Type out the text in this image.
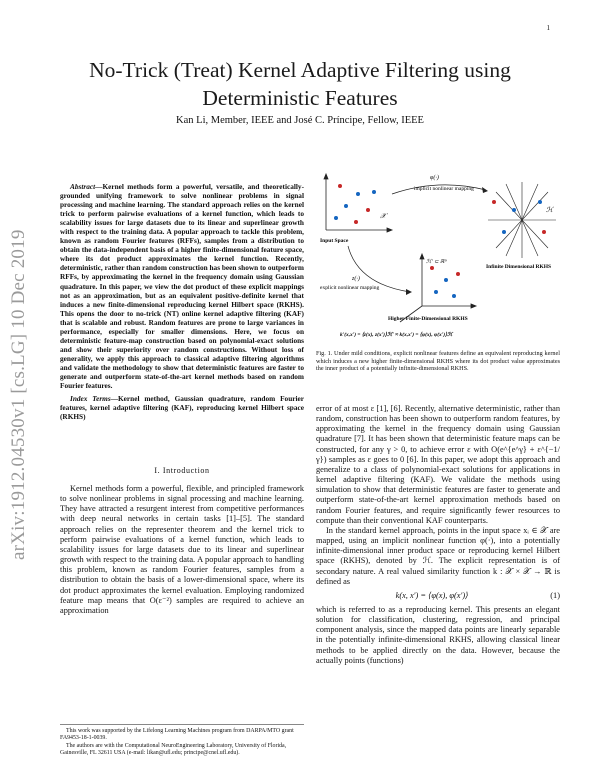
1
arXiv:1912.04530v1 [cs.LG] 10 Dec 2019
No-Trick (Treat) Kernel Adaptive Filtering using
Deterministic Features
Kan Li, Member, IEEE and José C. Príncipe, Fellow, IEEE

Abstract—Kernel methods form a powerful, versatile, and theoretically-grounded unifying framework to solve nonlinear problems in signal processing and machine learning. The standard approach relies on the kernel trick to perform pairwise evaluations of a kernel function, which leads to scalability issues for large datasets due to its linear and superlinear growth with respect to the training data. A popular approach to tackle this problem, known as random Fourier features (RFFs), samples from a distribution to obtain the data-independent basis of a higher finite-dimensional feature space, where its dot product approximates the kernel function. Recently, deterministic, rather than random construction has been shown to outperform RFFs, by approximating the kernel in the frequency domain using Gaussian quadrature. In this paper, we view the dot product of these explicit mappings not as an approximation, but as an equivalent positive-definite kernel that induces a new finite-dimensional reproducing kernel Hilbert space (RKHS). This opens the door to no-trick (NT) online kernel adaptive filtering (KAF) that is scalable and robust. Random features are prone to large variances in performance, especially for smaller dimensions. Here, we focus on deterministic feature-map construction based on polynomial-exact solutions and show their superiority over random constructions. Without loss of generality, we apply this approach to classical adaptive filtering algorithms and validate the methodology to show that deterministic features are faster to generate and outperform state-of-the-art kernel methods based on random Fourier features.

Index Terms—Kernel method, Gaussian quadrature, random Fourier features, kernel adaptive filtering (KAF), reproducing kernel Hilbert space (RKHS)

I. Introduction

Kernel methods form a powerful, flexible, and principled framework to solve nonlinear problems in signal processing and machine learning. They have attracted a resurgent interest from competitive performances with deep neural networks in certain tasks [1]–[5]. The standard approach relies on the representer theorem and the kernel trick to perform pairwise evaluations of a kernel function, which leads to scalability issues for large datasets due to its linear and superlinear growth with respect to the training data. A popular approach to handling this problem, known as random Fourier features, samples from a distribution to obtain the basis of a lower-dimensional space, where its dot product approximates the kernel evaluation. Employing randomized feature map means that O(ε⁻²) samples are required to achieve an approximation

This work was supported by the Lifelong Learning Machines program from DARPA/MTO grant FA9453-18-1-0039.

The authors are with the Computational NeuroEngineering Laboratory, University of Florida, Gainesville, FL 32611 USA (e-mail: likan@ufl.edu; principe@cnel.ufl.edu).

𝒳
Input Space
φ(·)
implicit nonlinear mapping
ℋ
Infinite Dimensional RKHS
z(·)
explicit nonlinear mapping
ℋ′ ⊂ ℝᴰ
Higher Finite-Dimensional RKHS
k′(x,x′) = ⟨z(x), z(x′)⟩ℋ′ ≈ k(x,x′) = ⟨φ(x), φ(x′)⟩ℋ
Fig. 1. Under mild conditions, explicit nonlinear features define an equivalent reproducing kernel which induces a new higher finite-dimensional RKHS where its dot product value approximates the inner product of a potentially infinite-dimensional RKHS.

error of at most ε [1], [6]. Recently, alternative deterministic, rather than random, construction has been shown to outperform random features, by approximating the kernel in the frequency domain using Gaussian quadrature [7]. It has been shown that deterministic feature maps can be constructed, for any γ > 0, to achieve error ε with O(e^{e^γ} + ε^{−1/γ}) samples as ε goes to 0 [6]. In this paper, we adopt this approach and generalize to a class of polynomial-exact solutions for applications in kernel adaptive filtering (KAF). We validate the methods using simulation to show that deterministic features are faster to generate and outperform state-of-the-art kernel approximation methods based on random Fourier features, and require significantly fewer resources to compute than their conventional KAF counterparts.

In the standard kernel approach, points in the input space xᵢ ∈ 𝒳 are mapped, using an implicit nonlinear function φ(·), into a potentially infinite-dimensional inner product space or reproducing kernel Hilbert space (RKHS), denoted by ℋ. The explicit representation is of secondary nature. A real valued similarity function k : 𝒳 × 𝒳 → ℝ is defined as

k(x, x′) = ⟨φ(x), φ(x′)⟩	(1)

which is referred to as a reproducing kernel. This presents an elegant solution for classification, clustering, regression, and principal component analysis, since the mapped data points are linearly separable in the potentially infinite-dimensional RKHS, allowing classical linear methods to be applied directly on the data. However, because the actually points (functions)
